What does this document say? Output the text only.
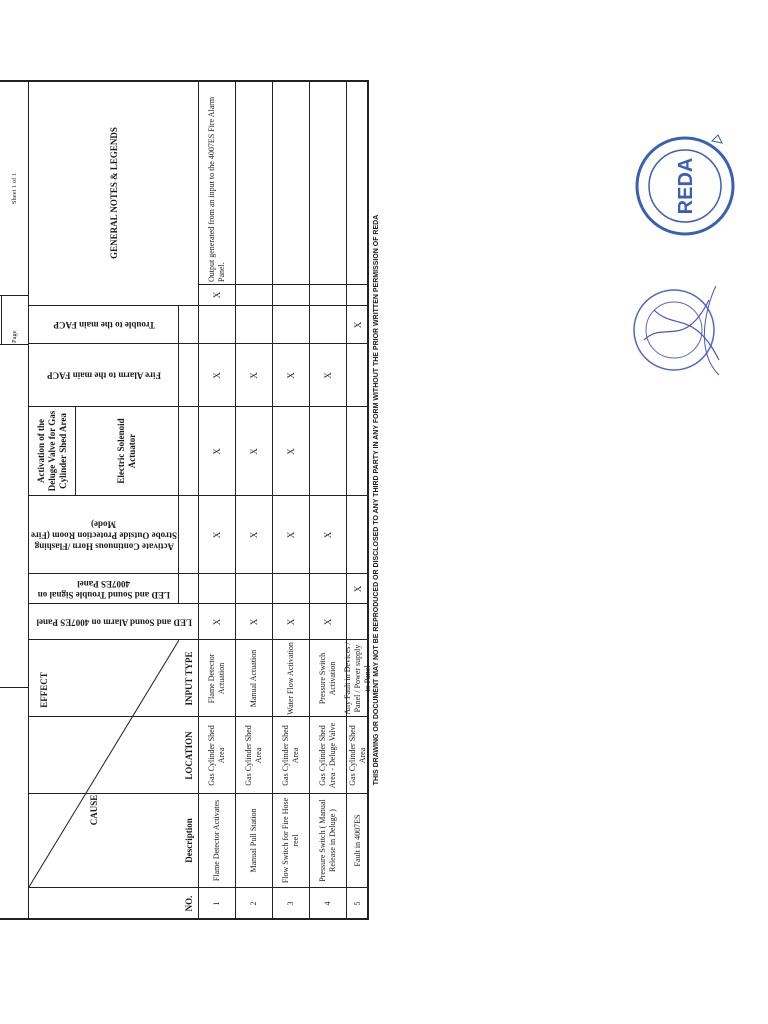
Page
Sheet 1 of 1
EFFECT
CAUSE
NO.
Description
LOCATION
INPUT TYPE
LED and Sound Alarm on 4007ES Panel
LED and Sound Trouble Signal on 4007ES Panel
Activate Continuous Horn /Flashing Strobe Outside Protection Room (Fire Mode)
Activation of the Deluge Valve for Gas Cylinder Shed Area	Electric Solenoid Actuator
Fire Alarm to the main FACP
Trouble to the main FACP
GENERAL NOTES & LEGENDS
1
Flame Detector Activates
Gas Cylinder Shed Area
Flame Detector Actuation
X
X
X
X
2
Manual Pull Station
Gas Cylinder Shed Area
Manual Actuation
X
X
X
X
3
Flow Switch for Fire Hose reel
Gas Cylinder Shed Area
Water Flow Activation
X
X
X
X
4
Pressure Switch ( Manual Release in Deluge )
Gas Cylinder Shed Area - Deluge Valve
Pressure Switch Activation
X
X
X
5
Fault in 4007ES
Gas Cylinder Shed Area
Any Fault in Devices / Panel / Power supply to Panel
X
X
X
Output generated from an input to the 4007ES Fire Alarm Panel.	THIS DRAWING OR DOCUMENT MAY NOT BE REPRODUCED OR DISCLOSED TO ANY THIRD PARTY IN ANY FORM WITHOUT THE PRIOR WRITTEN PERMISSION OF REDA
REDA
